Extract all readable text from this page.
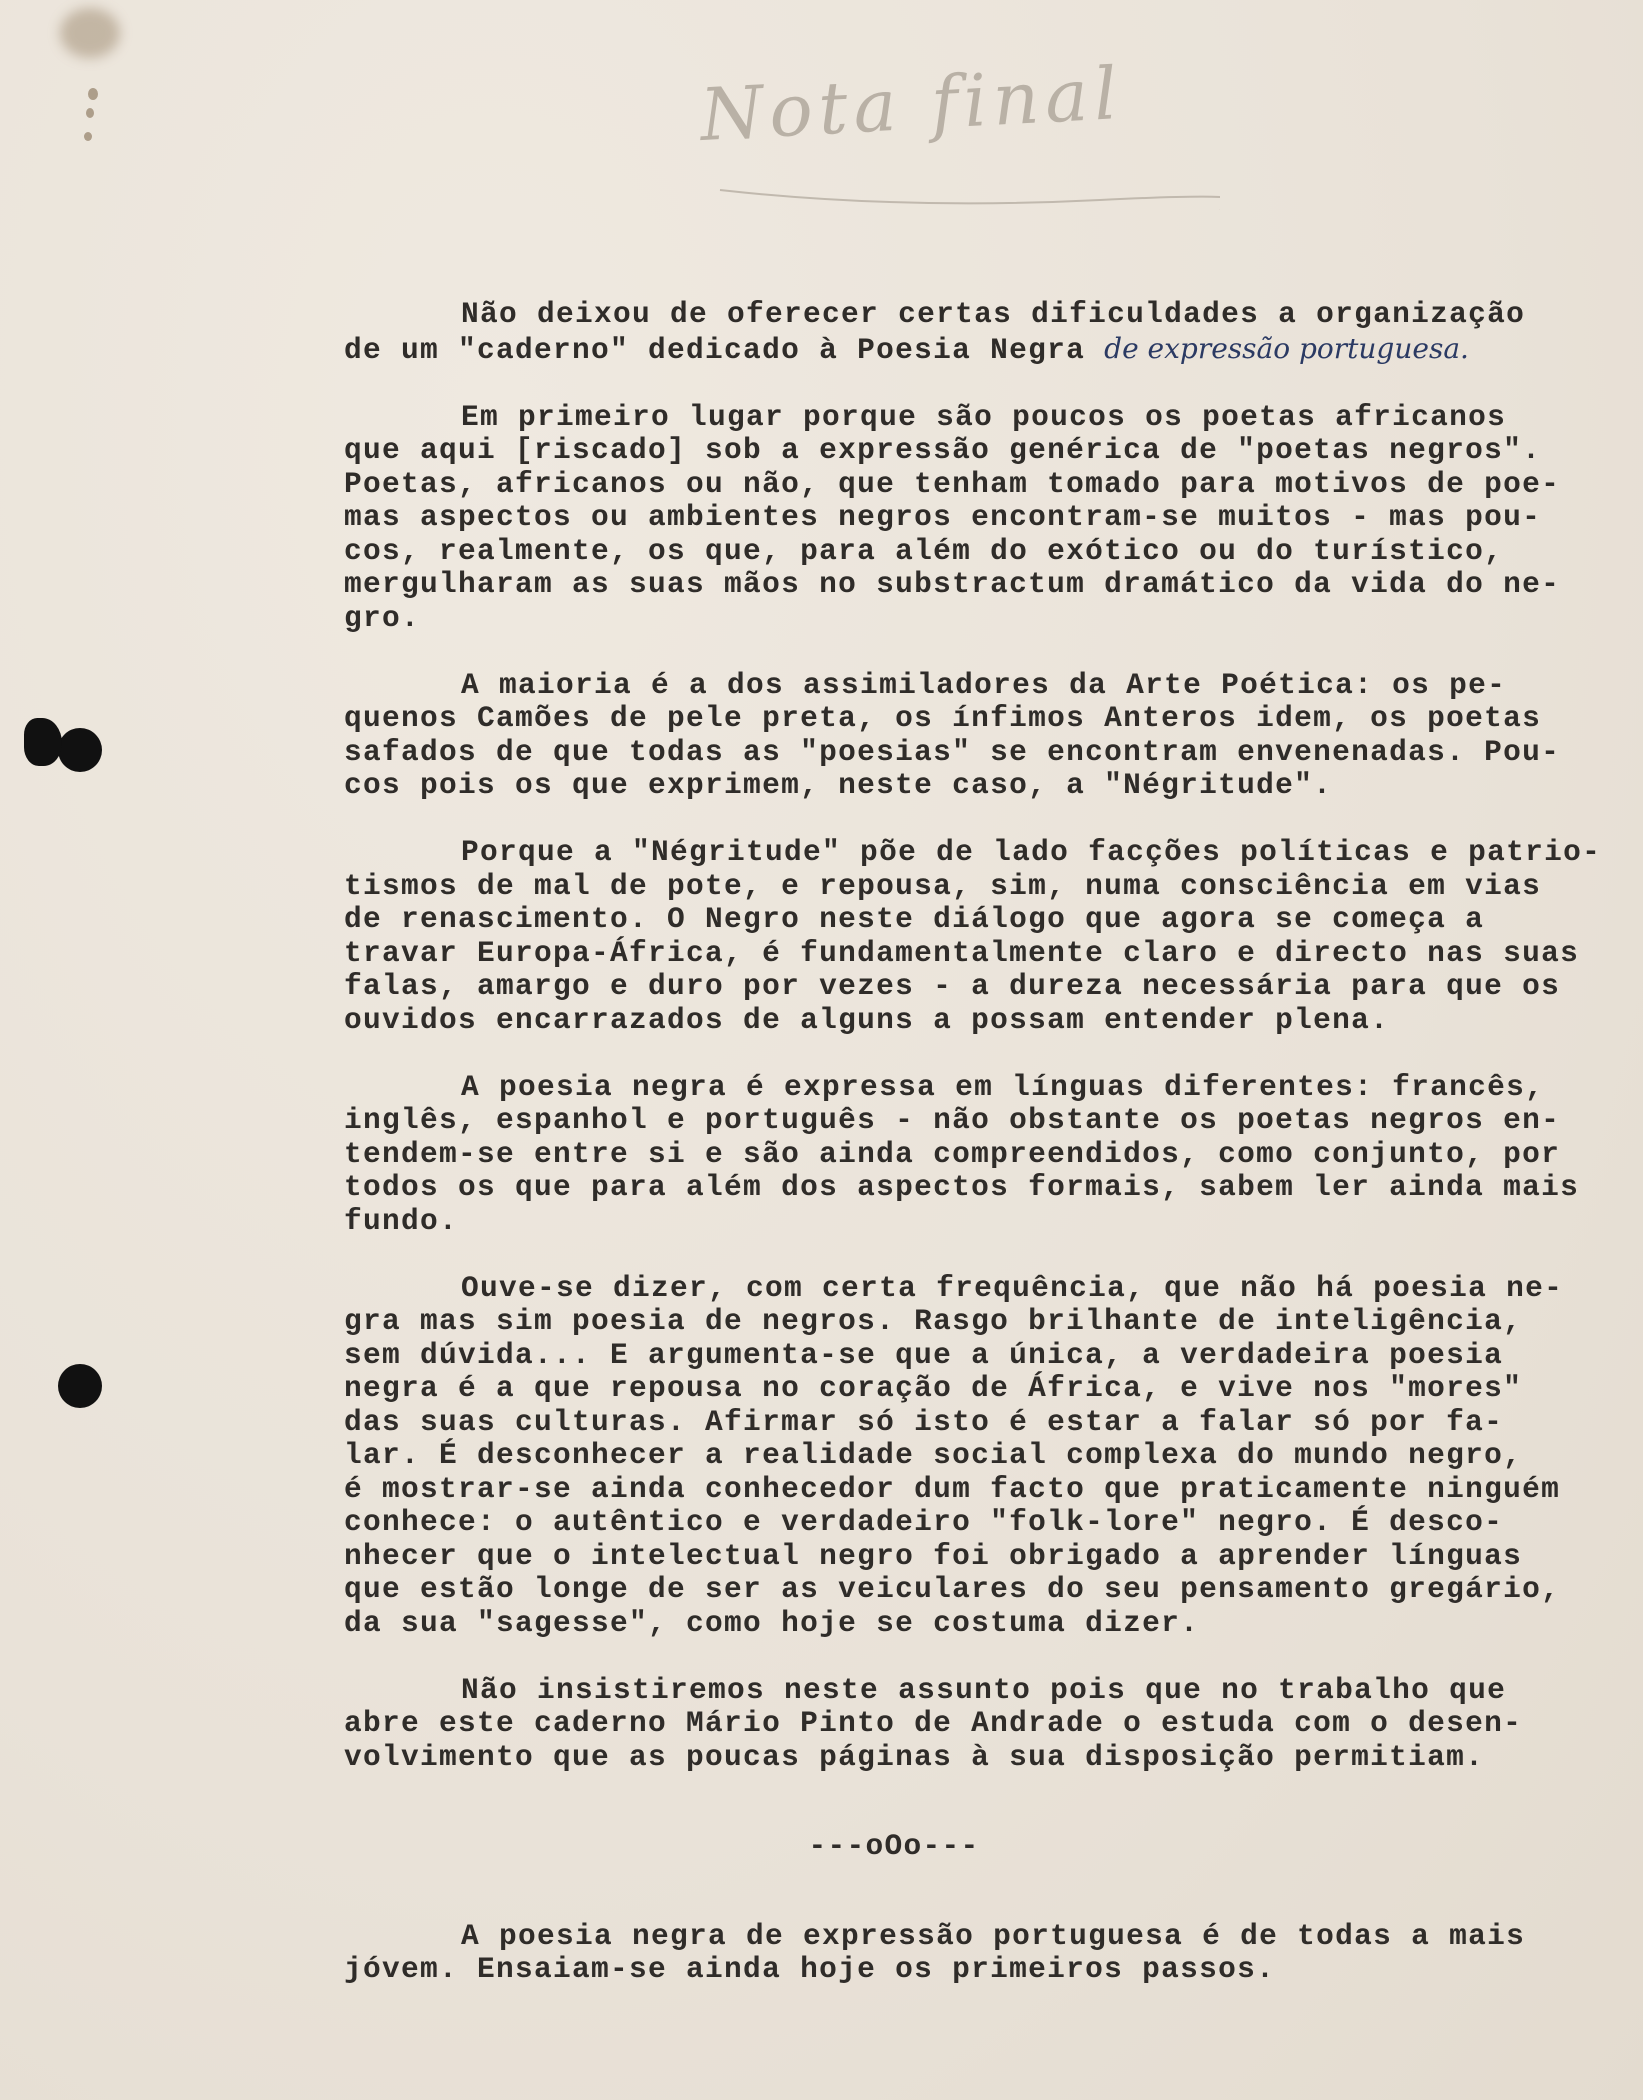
Nota final

Não deixou de oferecer certas dificuldades a organização
de um "caderno" dedicado à Poesia Negra de expressão portuguesa.

Em primeiro lugar porque são poucos os poetas africanos
que aqui [riscado] sob a expressão genérica de "poetas negros".
Poetas, africanos ou não, que tenham tomado para motivos de poe-
mas aspectos ou ambientes negros encontram-se muitos - mas pou-
cos, realmente, os que, para além do exótico ou do turístico,
mergulharam as suas mãos no substractum dramático da vida do ne-
gro.

A maioria é a dos assimiladores da Arte Poética: os pe-
quenos Camões de pele preta, os ínfimos Anteros idem, os poetas
safados de que todas as "poesias" se encontram envenenadas. Pou-
cos pois os que exprimem, neste caso, a "Négritude".

Porque a "Négritude" põe de lado facções políticas e patrio-
tismos de mal de pote, e repousa, sim, numa consciência em vias
de renascimento. O Negro neste diálogo que agora se começa a
travar Europa-África, é fundamentalmente claro e directo nas suas
falas, amargo e duro por vezes - a dureza necessária para que os
ouvidos encarrazados de alguns a possam entender plena.

A poesia negra é expressa em línguas diferentes: francês,
inglês, espanhol e português - não obstante os poetas negros en-
tendem-se entre si e são ainda compreendidos, como conjunto, por
todos os que para além dos aspectos formais, sabem ler ainda mais
fundo.

Ouve-se dizer, com certa frequência, que não há poesia ne-
gra mas sim poesia de negros. Rasgo brilhante de inteligência,
sem dúvida... E argumenta-se que a única, a verdadeira poesia
negra é a que repousa no coração de África, e vive nos "mores"
das suas culturas. Afirmar só isto é estar a falar só por fa-
lar. É desconhecer a realidade social complexa do mundo negro,
é mostrar-se ainda conhecedor dum facto que praticamente ninguém
conhece: o autêntico e verdadeiro "folk-lore" negro. É desco-
nhecer que o intelectual negro foi obrigado a aprender línguas
que estão longe de ser as veiculares do seu pensamento gregário,
da sua "sagesse", como hoje se costuma dizer.

Não insistiremos neste assunto pois que no trabalho que
abre este caderno Mário Pinto de Andrade o estuda com o desen-
volvimento que as poucas páginas à sua disposição permitiam.

---oOo---

A poesia negra de expressão portuguesa é de todas a mais
jóvem. Ensaiam-se ainda hoje os primeiros passos.
